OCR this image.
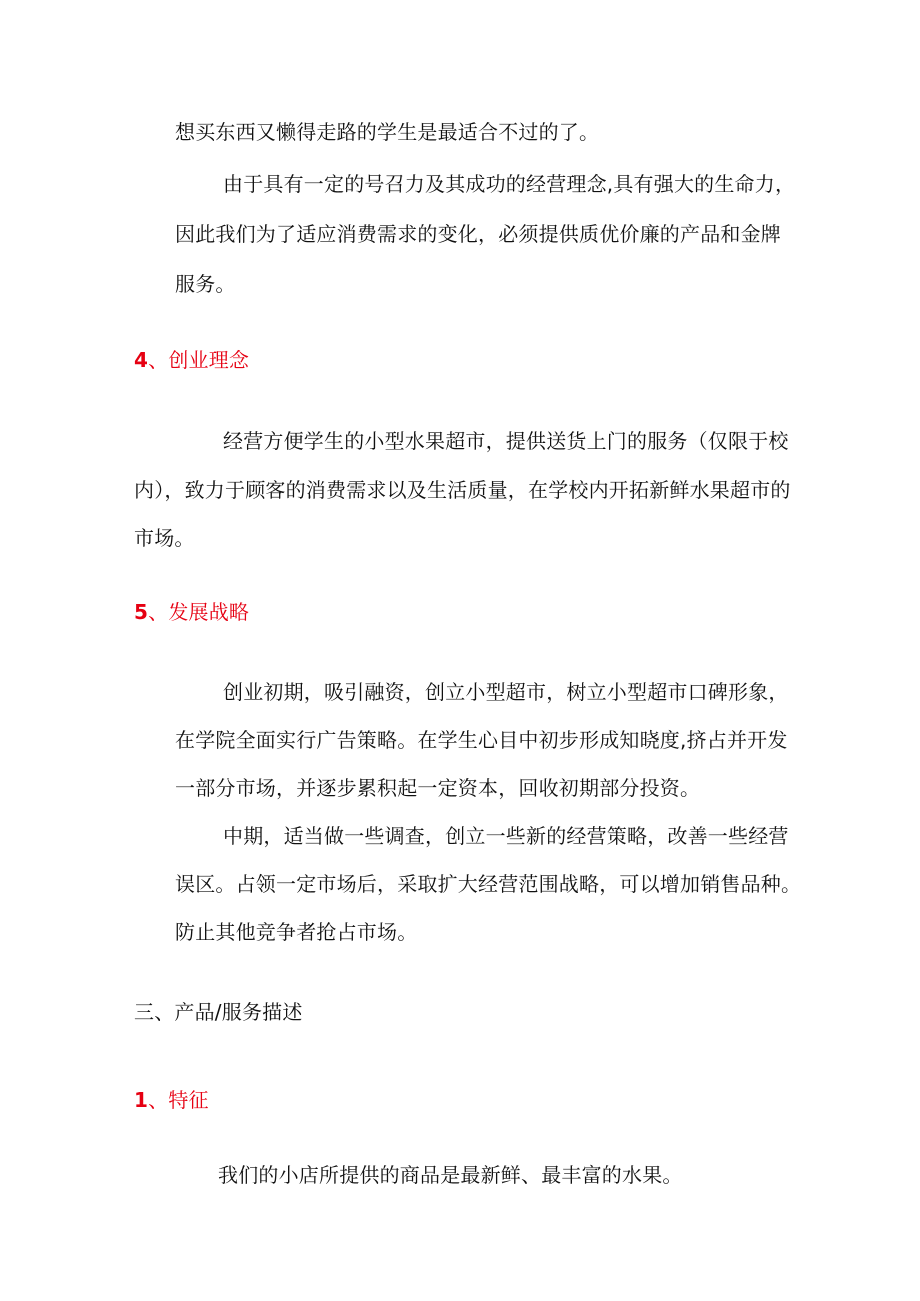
想买东西又懒得走路的学生是最适合不过的了。
由于具有一定的号召力及其成功的经营理念,具有强大的生命力，
因此我们为了适应消费需求的变化，必须提供质优价廉的产品和金牌
服务。
4、创业理念
经营方便学生的小型水果超市，提供送货上门的服务（仅限于校
内），致力于顾客的消费需求以及生活质量，在学校内开拓新鲜水果超市的
市场。
5、发展战略
创业初期，吸引融资，创立小型超市，树立小型超市口碑形象，
在学院全面实行广告策略。在学生心目中初步形成知晓度,挤占并开发
一部分市场，并逐步累积起一定资本，回收初期部分投资。
中期，适当做一些调查，创立一些新的经营策略，改善一些经营
误区。占领一定市场后，采取扩大经营范围战略，可以增加销售品种。
防止其他竞争者抢占市场。
三、产品/服务描述
1、特征
我们的小店所提供的商品是最新鲜、最丰富的水果。
